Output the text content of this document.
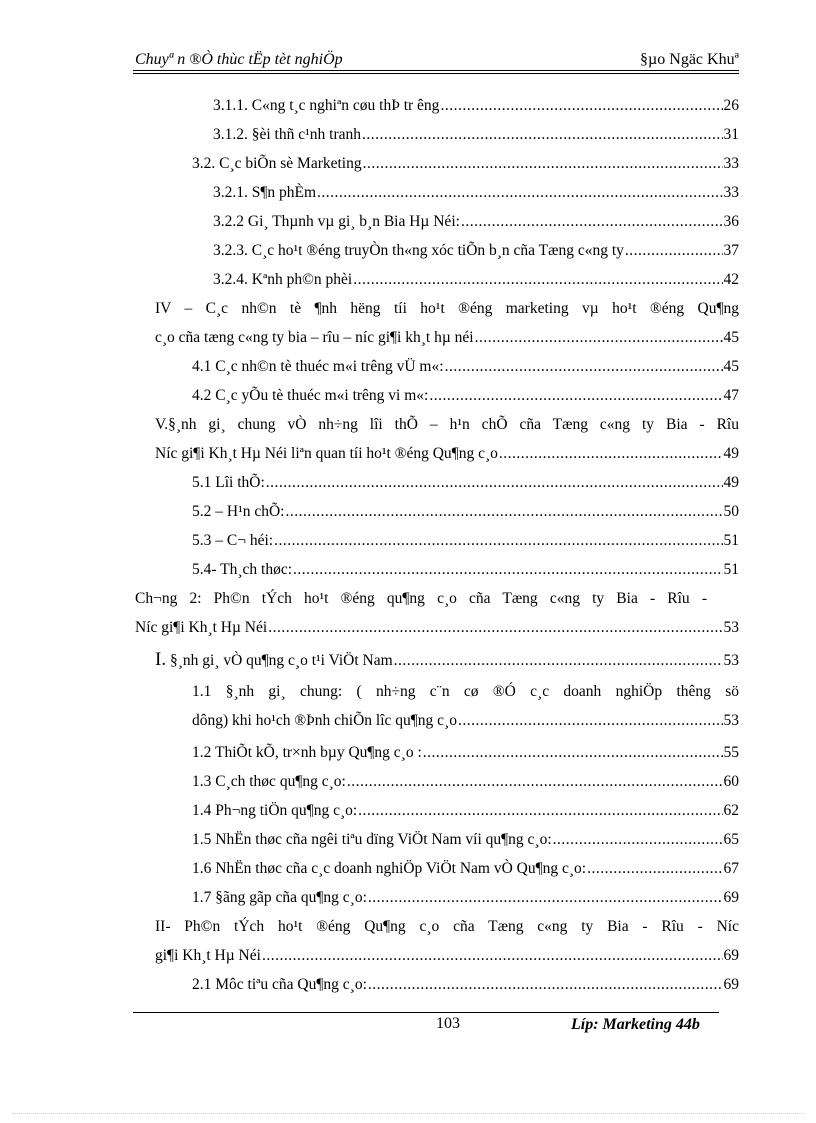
Chuyª n ®Ò thùc tËp tèt nghiÖp	§µo Ngäc Khuª
3.1.1. C«ng t¸c nghiªn cøu thÞ tr êng .....	26
3.1.2. §èi thñ c¹nh tranh .....	31
3.2. C¸c biÕn sè Marketing .....	33
3.2.1. S¶n phÈm .....	33
3.2.2 Gi¸ Thµnh vµ gi¸ b¸n Bia Hµ Néi: .....	36
3.2.3. C¸c ho¹t ®éng truyÒn th«ng xóc tiÕn b¸n cña Tæng c«ng ty .....	37
3.2.4. Kªnh ph©n phèi .....	42
IV – C¸c nh©n tè ¶nh hëng tíi ho¹t ®éng marketing vµ ho¹t ®éng Qu¶ng
c¸o cña tæng c«ng ty bia – rîu – níc gi¶i kh¸t hµ néi .....	45
4.1 C¸c nh©n tè thuéc m«i trêng vÜ m«: .....	45
4.2 C¸c yÕu tè thuéc m«i trêng vi m«: .....	47
V.§¸nh gi¸ chung vÒ nh÷ng lîi thÕ – h¹n chÕ cña Tæng c«ng ty Bia - Rîu
Níc gi¶i Kh¸t Hµ Néi liªn quan tíi ho¹t ®éng Qu¶ng c¸o .....	49
5.1 Lîi thÕ: .....	49
5.2 – H¹n chÕ: .....	50
5.3 – C¬ héi: .....	51
5.4- Th¸ch thøc: .....	51
Ch¬ng 2: Ph©n tÝch ho¹t ®éng qu¶ng c¸o cña Tæng c«ng ty Bia - Rîu -
Níc gi¶i Kh¸t Hµ Néi .....	53
I. §¸nh gi¸ vÒ qu¶ng c¸o t¹i ViÖt Nam .....	53
1.1 §¸nh gi¸ chung: ( nh÷ng c¨n cø ®Ó c¸c doanh nghiÖp thêng sö
dông) khi ho¹ch ®Þnh chiÕn lîc qu¶ng c¸o .....	53
1.2 ThiÕt kÕ, tr×nh bµy Qu¶ng c¸o : .....	55
1.3 C¸ch thøc qu¶ng c¸o: .....	60
1.4 Ph¬ng tiÖn qu¶ng c¸o: .....	62
1.5 NhËn thøc cña ngêi tiªu dïng ViÖt Nam víi qu¶ng c¸o: .....	65
1.6 NhËn thøc cña c¸c doanh nghiÖp ViÖt Nam vÒ Qu¶ng c¸o: .....	67
1.7 §ãng gãp cña qu¶ng c¸o: .....	69
II- Ph©n tÝch ho¹t ®éng Qu¶ng c¸o cña Tæng c«ng ty Bia - Rîu - Níc
gi¶i Kh¸t Hµ Néi .....	69
2.1 Môc tiªu cña Qu¶ng c¸o: .....	69
103	Líp: Marketing 44b
